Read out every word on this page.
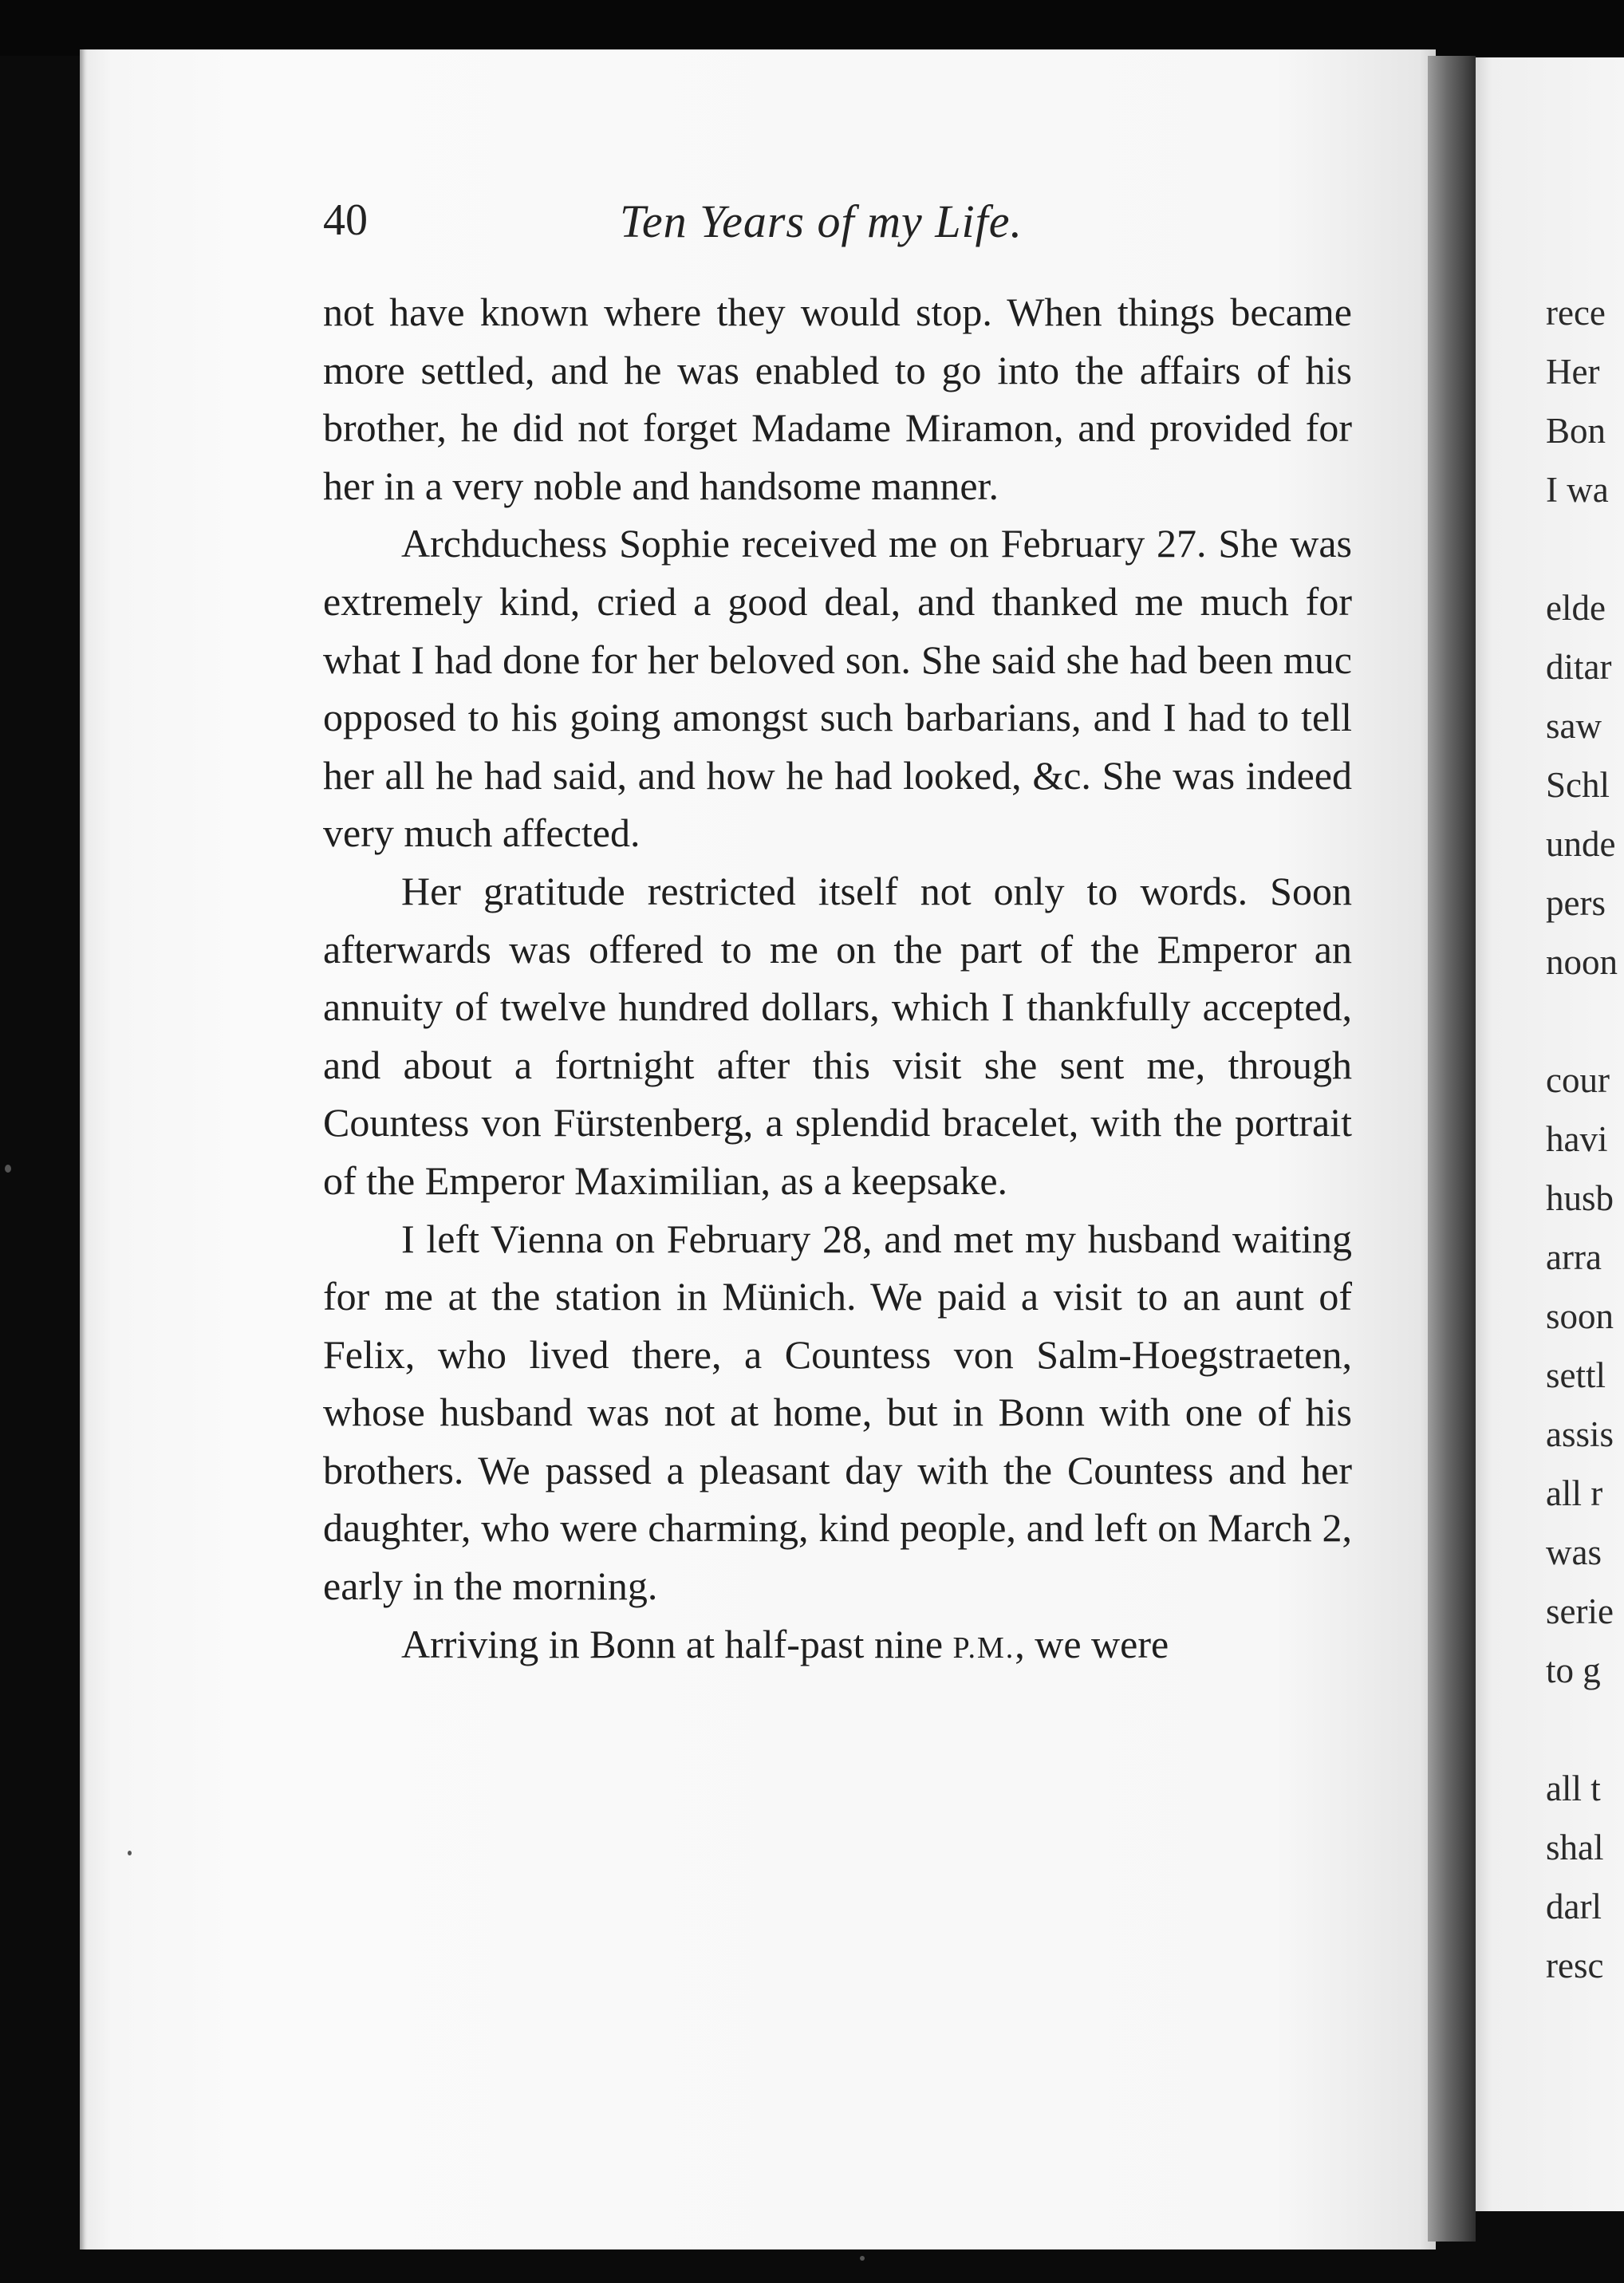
rece
Her
Bon
I wa
elde
ditar
saw
Schl
unde
pers
noon
cour
havi
husb
arra
soon
settl
assis
all r
was
serie
to g
all t
shal
darl
resc
40	Ten Years of my Life.

not have known where they would stop. When things became more settled, and he was enabled to go into the affairs of his brother, he did not forget Madame Miramon, and provided for her in a very noble and handsome manner.

Archduchess Sophie received me on February 27. She was extremely kind, cried a good deal, and thanked me much for what I had done for her beloved son. She said she had been muc opposed to his going amongst such barbarians, and I had to tell her all he had said, and how he had looked, &c. She was indeed very much affected.

Her gratitude restricted itself not only to words. Soon afterwards was offered to me on the part of the Emperor an annuity of twelve hundred dollars, which I thankfully accepted, and about a fortnight after this visit she sent me, through Countess von Fürstenberg, a splendid bracelet, with the portrait of the Emperor Maximilian, as a keepsake.

I left Vienna on February 28, and met my husband waiting for me at the station in Münich. We paid a visit to an aunt of Felix, who lived there, a Countess von Salm-Hoegstraeten, whose husband was not at home, but in Bonn with one of his brothers. We passed a pleasant day with the Countess and her daughter, who were charming, kind people, and left on March 2, early in the morning.

Arriving in Bonn at half-past nine P.M., we were
